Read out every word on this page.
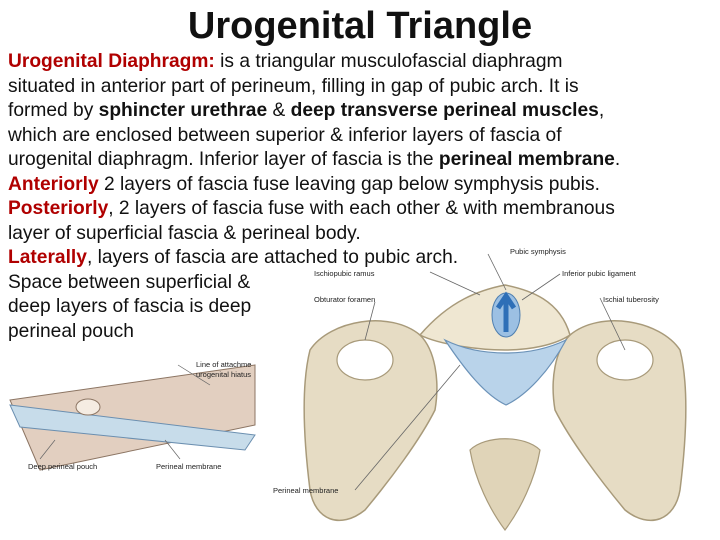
Urogenital Triangle
Urogenital Diaphragm: is a triangular musculofascial diaphragm
situated in anterior part of perineum, filling in gap of pubic arch. It is
formed by sphincter urethrae & deep transverse perineal muscles,
which are enclosed between superior & inferior layers of fascia of
urogenital diaphragm. Inferior layer of fascia is the perineal membrane.
Anteriorly 2 layers of fascia fuse leaving gap below symphysis pubis.
Posteriorly, 2 layers of fascia fuse with each other & with membranous
layer of superficial fascia & perineal body.
Laterally, layers of fascia are attached to pubic arch.
Space between superficial &
deep layers of fascia is deep
perineal pouch
Pubic symphysis
Ischiopubic ramus	Inferior pubic ligament
Obturator foramen	Ischial tuberosity
Perineal membrane
Line of attachme
urogenital hiatus
Deep perineal pouch	Perineal membrane
